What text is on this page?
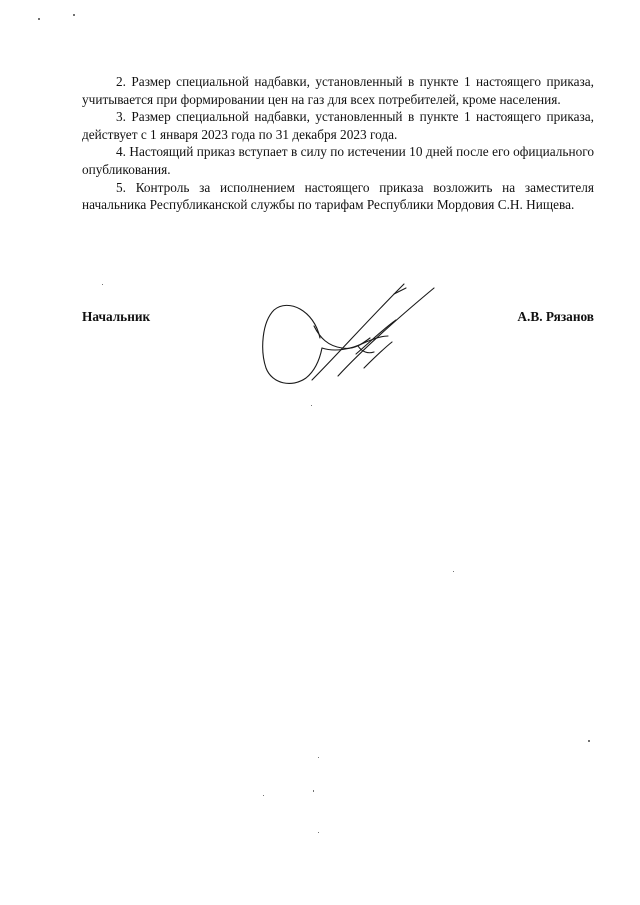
2. Размер специальной надбавки, установленный в пункте 1 настоящего приказа, учитывается при формировании цен на газ для всех потребителей, кроме населения.

3. Размер специальной надбавки, установленный в пункте 1 настоящего приказа, действует с 1 января 2023 года по 31 декабря 2023 года.

4. Настоящий приказ вступает в силу по истечении 10 дней после его официального опубликования.

5. Контроль за исполнением настоящего приказа возложить на заместителя начальника Республиканской службы по тарифам Республики Мордовия С.Н. Нищева.

Начальник	А.В. Рязанов
